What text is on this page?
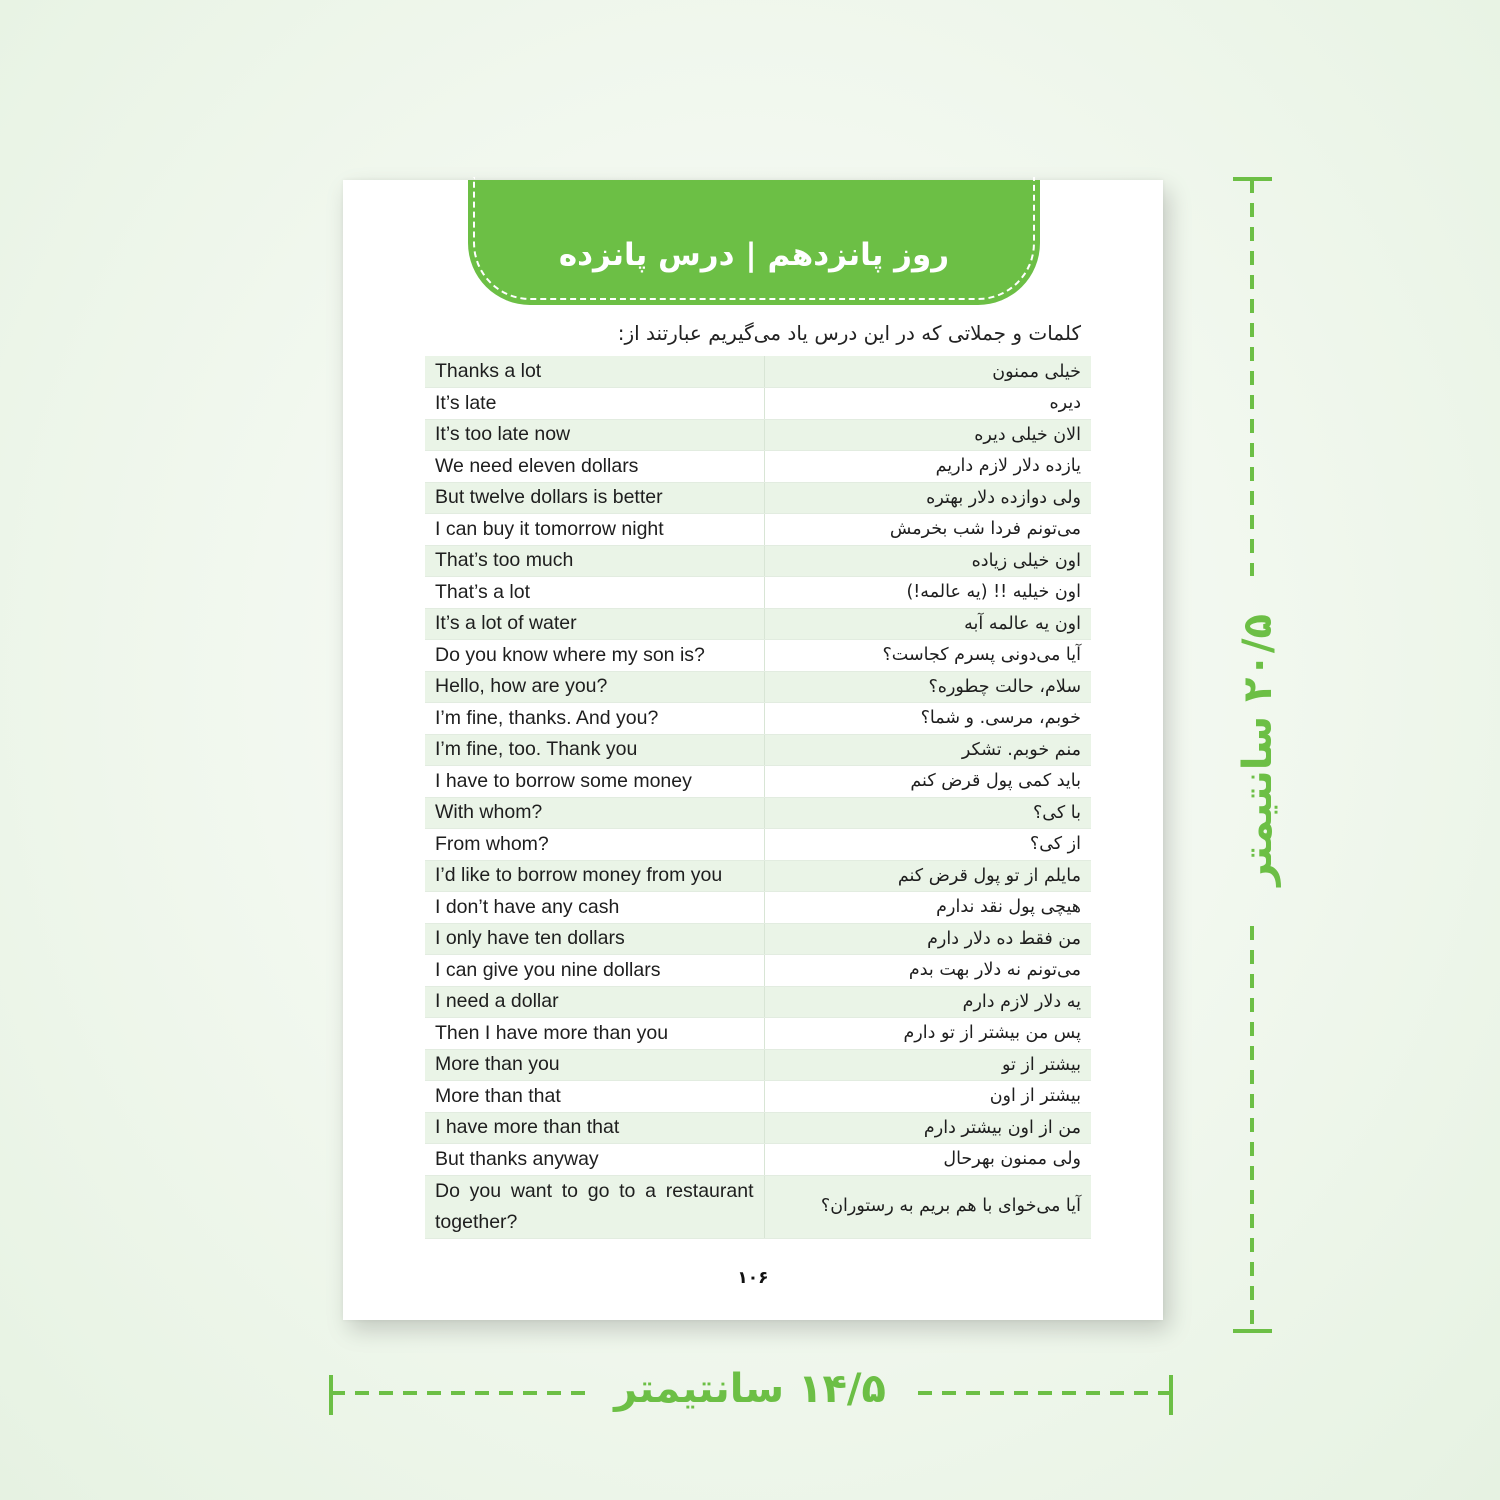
روز پانزدهم | درس پانزده
کلمات و جملاتی که در این درس یاد می‌گیریم عبارتند از:
Thanks a lot	خیلی ممنون
It’s late	دیره
It’s too late now	الان خیلی دیره
We need eleven dollars	یازده دلار لازم داریم
But twelve dollars is better	ولی دوازده دلار بهتره
I can buy it tomorrow night	می‌تونم فردا شب بخرمش
That’s too much	اون خیلی زیاده
That’s a lot	اون خیلیه !! (یه عالمه!)
It’s a lot of water	اون یه عالمه آبه
Do you know where my son is?	آیا می‌دونی پسرم کجاست؟
Hello, how are you?	سلام، حالت چطوره؟
I’m fine, thanks. And you?	خوبم، مرسی. و شما؟
I’m fine, too. Thank you	منم خوبم. تشکر
I have to borrow some money	باید کمی پول قرض کنم
With whom?	با کی؟
From whom?	از کی؟
I’d like to borrow money from you	مایلم از تو پول قرض کنم
I don’t have any cash	هیچی پول نقد ندارم
I only have ten dollars	من فقط ده دلار دارم
I can give you nine dollars	می‌تونم نه دلار بهت بدم
I need a dollar	یه دلار لازم دارم
Then I have more than you	پس من بیشتر از تو دارم
More than you	بیشتر از تو
More than that	بیشتر از اون
I have more than that	من از اون بیشتر دارم
But thanks anyway	ولی ممنون بهرحال
Do you want to go to a restaurant together?	آیا می‌خوای با هم بریم به رستوران؟
۱۰۶
۲۰/۵ سانتیمتر
۱۴/۵ سانتیمتر
